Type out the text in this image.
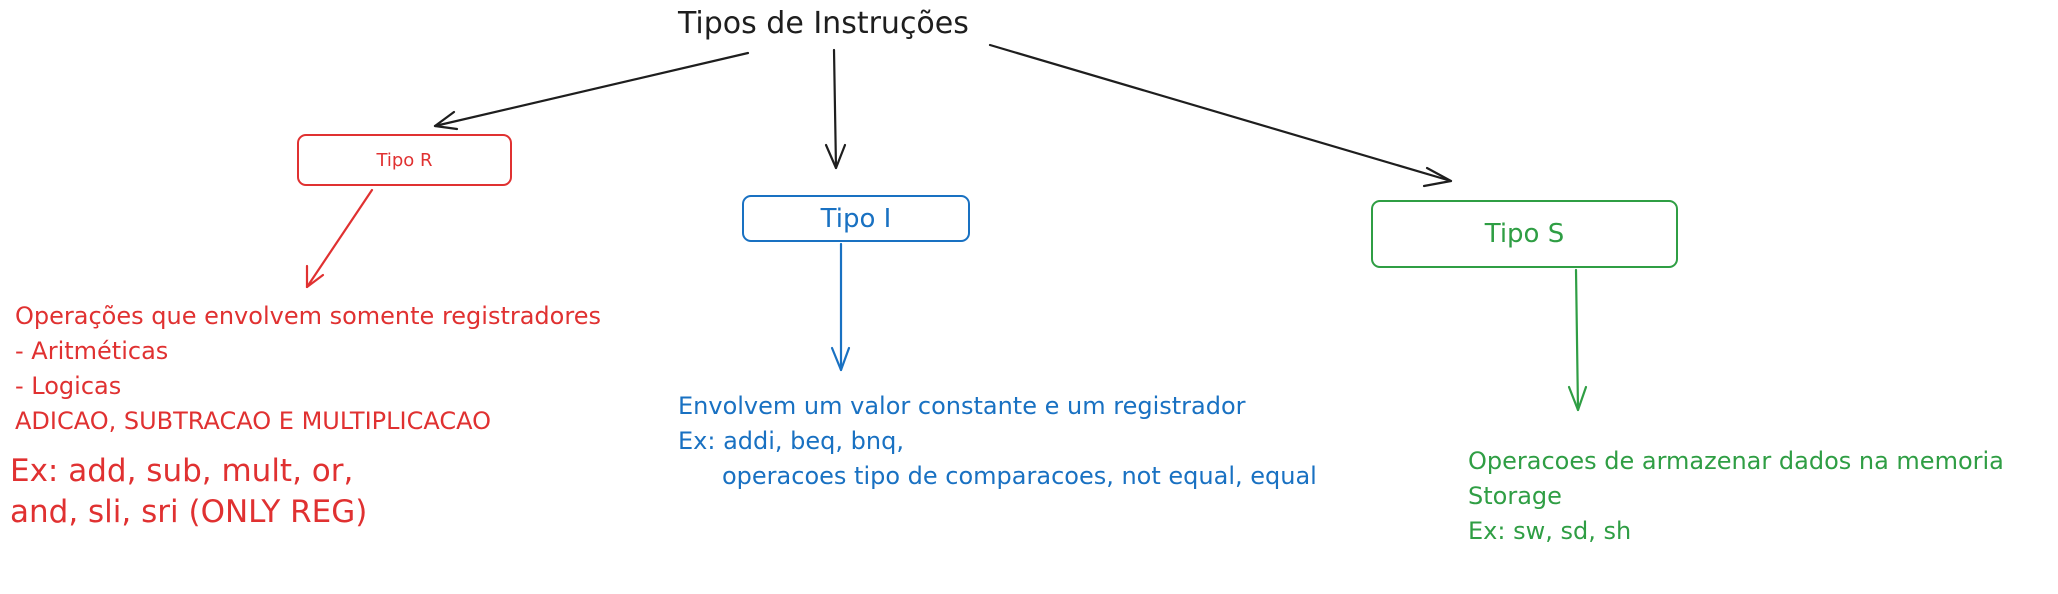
Tipos de Instruções
Tipo R
Tipo I
Tipo S
Operações que envolvem somente registradores
- Aritméticas
- Logicas
ADICAO, SUBTRACAO E MULTIPLICACAO
Ex: add, sub, mult, or,
and, sli, sri (ONLY REG)
Envolvem um valor constante e um registrador
Ex: addi, beq, bnq,
operacoes tipo de comparacoes, not equal, equal
Operacoes de armazenar dados na memoria
Storage
Ex: sw, sd, sh
